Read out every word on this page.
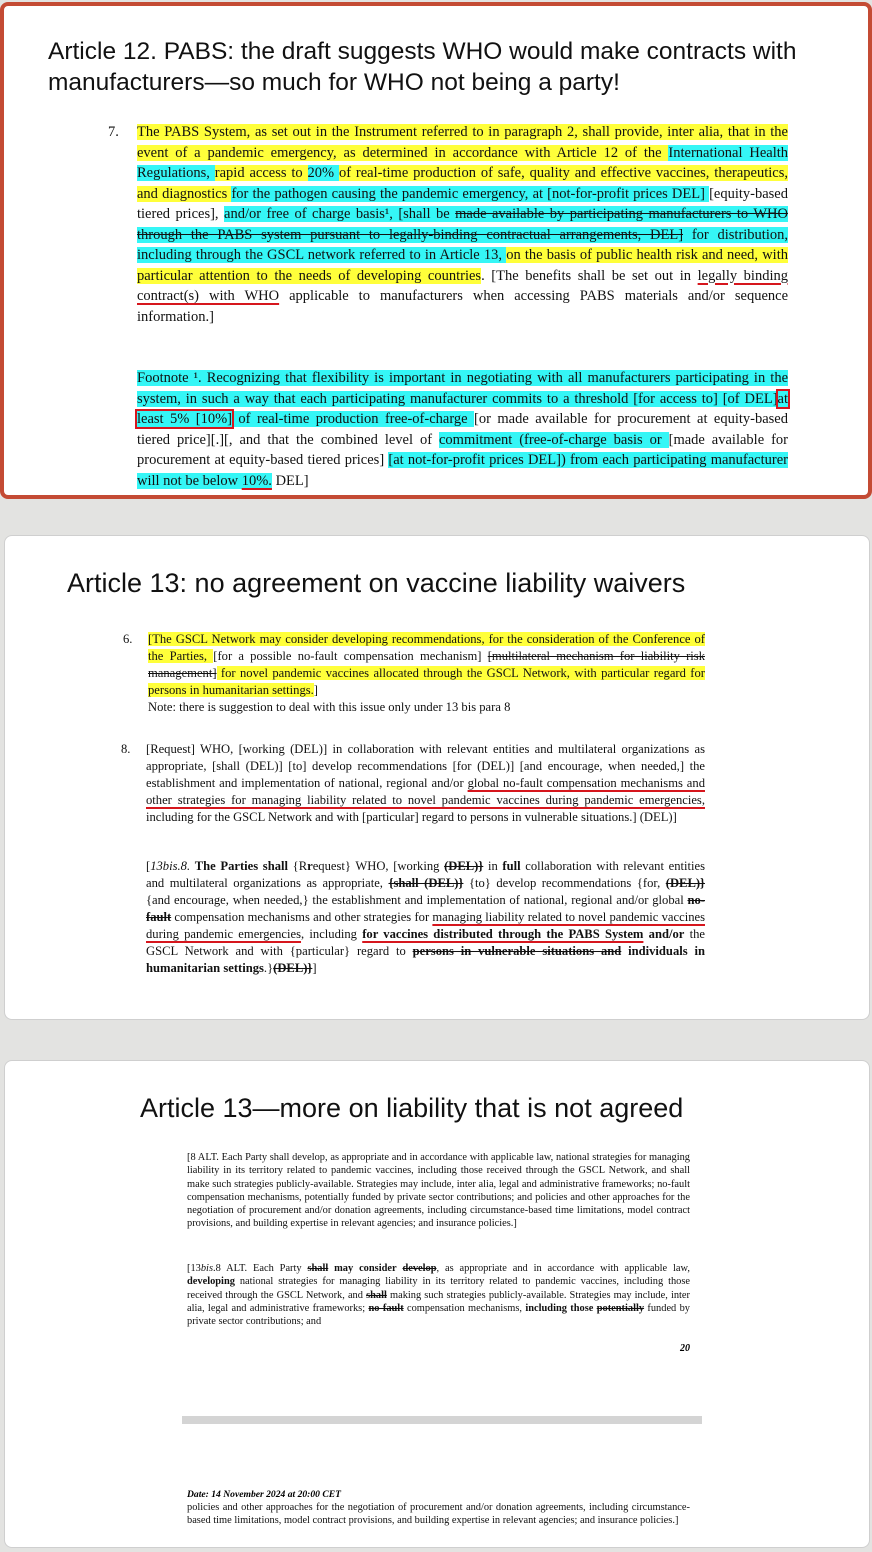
Article 12. PABS: the draft suggests WHO would make contracts with manufacturers—so much for WHO not being a party!
7.	The PABS System, as set out in the Instrument referred to in paragraph 2, shall provide, inter alia, that in the event of a pandemic emergency, as determined in accordance with Article 12 of the International Health Regulations, rapid access to 20% of real-time production of safe, quality and effective vaccines, therapeutics, and diagnostics for the pathogen causing the pandemic emergency, at [not-for-profit prices DEL] [equity-based tiered prices], and/or free of charge basis¹, [shall be made available by participating manufacturers to WHO through the PABS system pursuant to legally-binding contractual arrangements, DEL] for distribution, including through the GSCL network referred to in Article 13, on the basis of public health risk and need, with particular attention to the needs of developing countries. [The benefits shall be set out in legally binding contract(s) with WHO applicable to manufacturers when accessing PABS materials and/or sequence information.]
Footnote ¹. Recognizing that flexibility is important in negotiating with all manufacturers participating in the system, in such a way that each participating manufacturer commits to a threshold [for access to] [of DEL]at least 5% [10%] of real-time production free-of-charge [or made available for procurement at equity-based tiered price][.][, and that the combined level of commitment (free-of-charge basis or [made available for procurement at equity-based tiered prices] [at not-for-profit prices DEL]) from each participating manufacturer will not be below 10%. DEL]
Article 13: no agreement on vaccine liability waivers
6.	[The GSCL Network may consider developing recommendations, for the consideration of the Conference of the Parties, [for a possible no-fault compensation mechanism] [multilateral mechanism for liability risk management] for novel pandemic vaccines allocated through the GSCL Network, with particular regard for persons in humanitarian settings.]
Note: there is suggestion to deal with this issue only under 13 bis para 8
8.	[Request] WHO, [working (DEL)] in collaboration with relevant entities and multilateral organizations as appropriate, [shall (DEL)] [to] develop recommendations [for (DEL)] [and encourage, when needed,] the establishment and implementation of national, regional and/or global no-fault compensation mechanisms and other strategies for managing liability related to novel pandemic vaccines during pandemic emergencies, including for the GSCL Network and with [particular] regard to persons in vulnerable situations.] (DEL)]
[13bis.8. The Parties shall {Rrequest} WHO, [working (DEL)} in full collaboration with relevant entities and multilateral organizations as appropriate, {shall (DEL)} {to} develop recommendations {for, (DEL)} {and encourage, when needed,} the establishment and implementation of national, regional and/or global no-fault compensation mechanisms and other strategies for managing liability related to novel pandemic vaccines during pandemic emergencies, including for vaccines distributed through the PABS System and/or the GSCL Network and with {particular} regard to persons in vulnerable situations and individuals in humanitarian settings.}(DEL)}]
Article 13—more on liability that is not agreed
[8 ALT. Each Party shall develop, as appropriate and in accordance with applicable law, national strategies for managing liability in its territory related to pandemic vaccines, including those received through the GSCL Network, and shall make such strategies publicly-available. Strategies may include, inter alia, legal and administrative frameworks; no-fault compensation mechanisms, potentially funded by private sector contributions; and policies and other approaches for the negotiation of procurement and/or donation agreements, including circumstance-based time limitations, model contract provisions, and building expertise in relevant agencies; and insurance policies.]
[13bis.8 ALT. Each Party shall may consider develop, as appropriate and in accordance with applicable law, developing national strategies for managing liability in its territory related to pandemic vaccines, including those received through the GSCL Network, and shall making such strategies publicly-available. Strategies may include, inter alia, legal and administrative frameworks; no-fault compensation mechanisms, including those potentially funded by private sector contributions; and
20
Date: 14 November 2024 at 20:00 CET
policies and other approaches for the negotiation of procurement and/or donation agreements, including circumstance-based time limitations, model contract provisions, and building expertise in relevant agencies; and insurance policies.]
